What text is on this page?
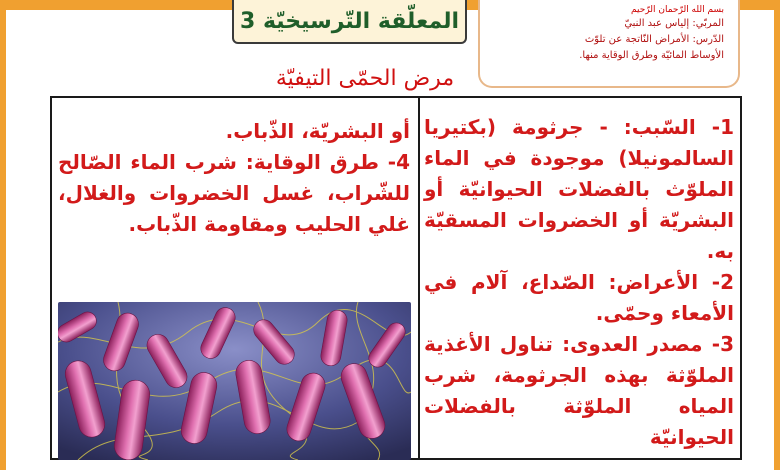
المعلّقة التّرسيخيّة 3	بسم الله الرّحمان الرّحيم
المربّي: إلياس عبد النبيّ
الدّرس: الأمراض النّاتجة عن تلوّث
الأوساط المائيّة وطرق الوقاية منها.
مرض الحمّى التيفيّة

1- السّبب: - جرثومة (بكتيريا السالمونيلا) موجودة في الماء الملوّث بالفضلات الحيوانيّة أو البشريّة أو الخضروات المسقيّة به.

2- الأعراض: الصّداع، آلام في الأمعاء وحمّى.

3- مصدر العدوى: تناول الأغذية الملوّثة بهذه الجرثومة، شرب المياه الملوّثة بالفضلات الحيوانيّة

أو البشريّة، الذّباب.

4- طرق الوقاية: شرب الماء الصّالح للشّراب، غسل الخضروات والغلال، غلي الحليب ومقاومة الذّباب.
